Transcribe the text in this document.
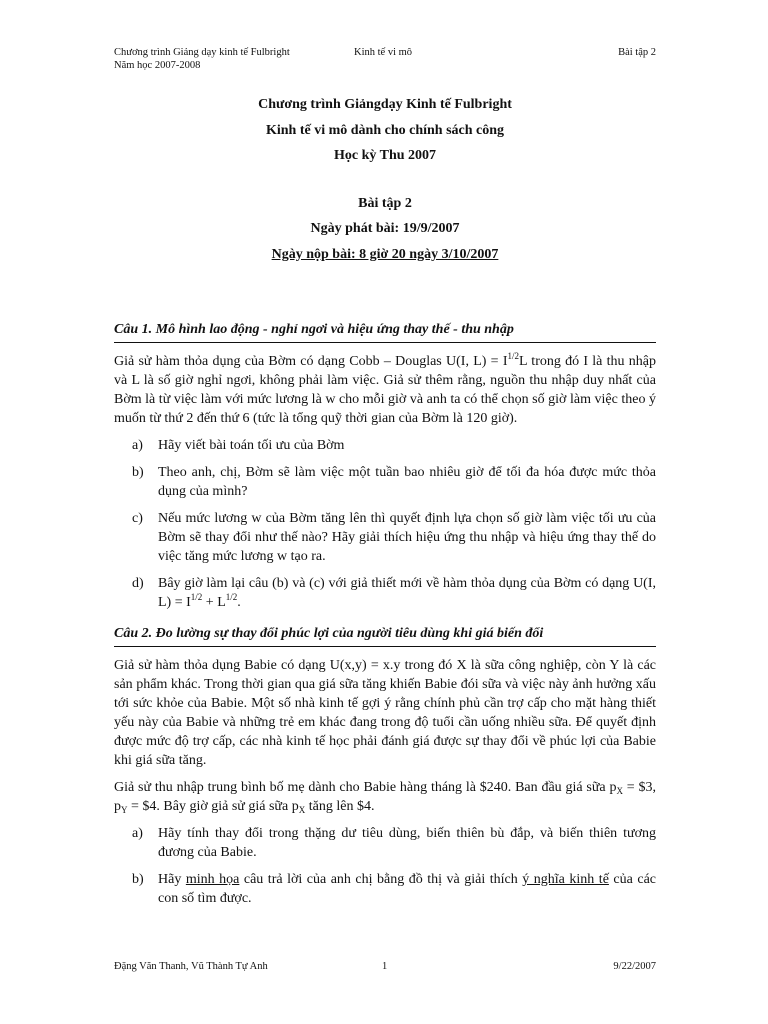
Chương trình Giảng dạy kinh tế Fulbright	Kinh tế vi mô	Bài tập 2
Năm học 2007-2008
Chương trình Giảngdạy Kinh tế Fulbright
Kinh tế vi mô dành cho chính sách công
Học kỳ Thu 2007
Bài tập 2
Ngày phát bài: 19/9/2007
Ngày nộp bài: 8 giờ 20 ngày 3/10/2007
Câu 1. Mô hình lao động - nghỉ ngơi và hiệu ứng thay thế - thu nhập

Giả sử hàm thỏa dụng của Bờm có dạng Cobb – Douglas U(I, $L) = I^{1/2}L$ trong đó I là thu nhập và L là số giờ nghỉ ngơi, không phải làm việc. Giả sử thêm rằng, nguồn thu nhập duy nhất của Bờm là từ việc làm với mức lương là w cho mỗi giờ và anh ta có thể chọn số giờ làm việc theo ý muốn từ thứ 2 đến thứ 6 (tức là tổng quỹ thời gian của Bờm là 120 giờ).

a) Hãy viết bài toán tối ưu của Bờm
b) Theo anh, chị, Bờm sẽ làm việc một tuần bao nhiêu giờ để tối đa hóa được mức thỏa dụng của mình?
c) Nếu mức lương w của Bờm tăng lên thì quyết định lựa chọn số giờ làm việc tối ưu của Bờm sẽ thay đổi như thế nào? Hãy giải thích hiệu ứng thu nhập và hiệu ứng thay thế do việc tăng mức lương w tạo ra.
d) Bây giờ làm lại câu (b) và (c) với giả thiết mới về hàm thỏa dụng của Bờm có dạng U(I, $L) = I^{1/2} + L^{1/2}$.
Câu 2. Đo lường sự thay đổi phúc lợi của người tiêu dùng khi giá biến đổi

Giả sử hàm thỏa dụng Babie có dạng U(x,y) = x.y trong đó X là sữa công nghiệp, còn Y là các sản phẩm khác. Trong thời gian qua giá sữa tăng khiến Babie đói sữa và việc này ảnh hưởng xấu tới sức khỏe của Babie. Một số nhà kinh tế gợi ý rằng chính phủ cần trợ cấp cho mặt hàng thiết yếu này của Babie và những trẻ em khác đang trong độ tuổi cần uống nhiều sữa. Để quyết định được mức độ trợ cấp, các nhà kinh tế học phải đánh giá được sự thay đổi về phúc lợi của Babie khi giá sữa tăng.

Giả sử thu nhập trung bình bố mẹ dành cho Babie hàng tháng là $240. Ban đầu giá sữa $p_X$ = $3, $p_Y$ = $4. Bây giờ giả sử giá sữa $p_X$ tăng lên $4.

a) Hãy tính thay đổi trong thặng dư tiêu dùng, biến thiên bù đắp, và biến thiên tương đương của Babie.
b) Hãy minh họa câu trả lời của anh chị bằng đồ thị và giải thích ý nghĩa kinh tế của các con số tìm được.
Đặng Văn Thanh, Vũ Thành Tự Anh	1	9/22/2007
